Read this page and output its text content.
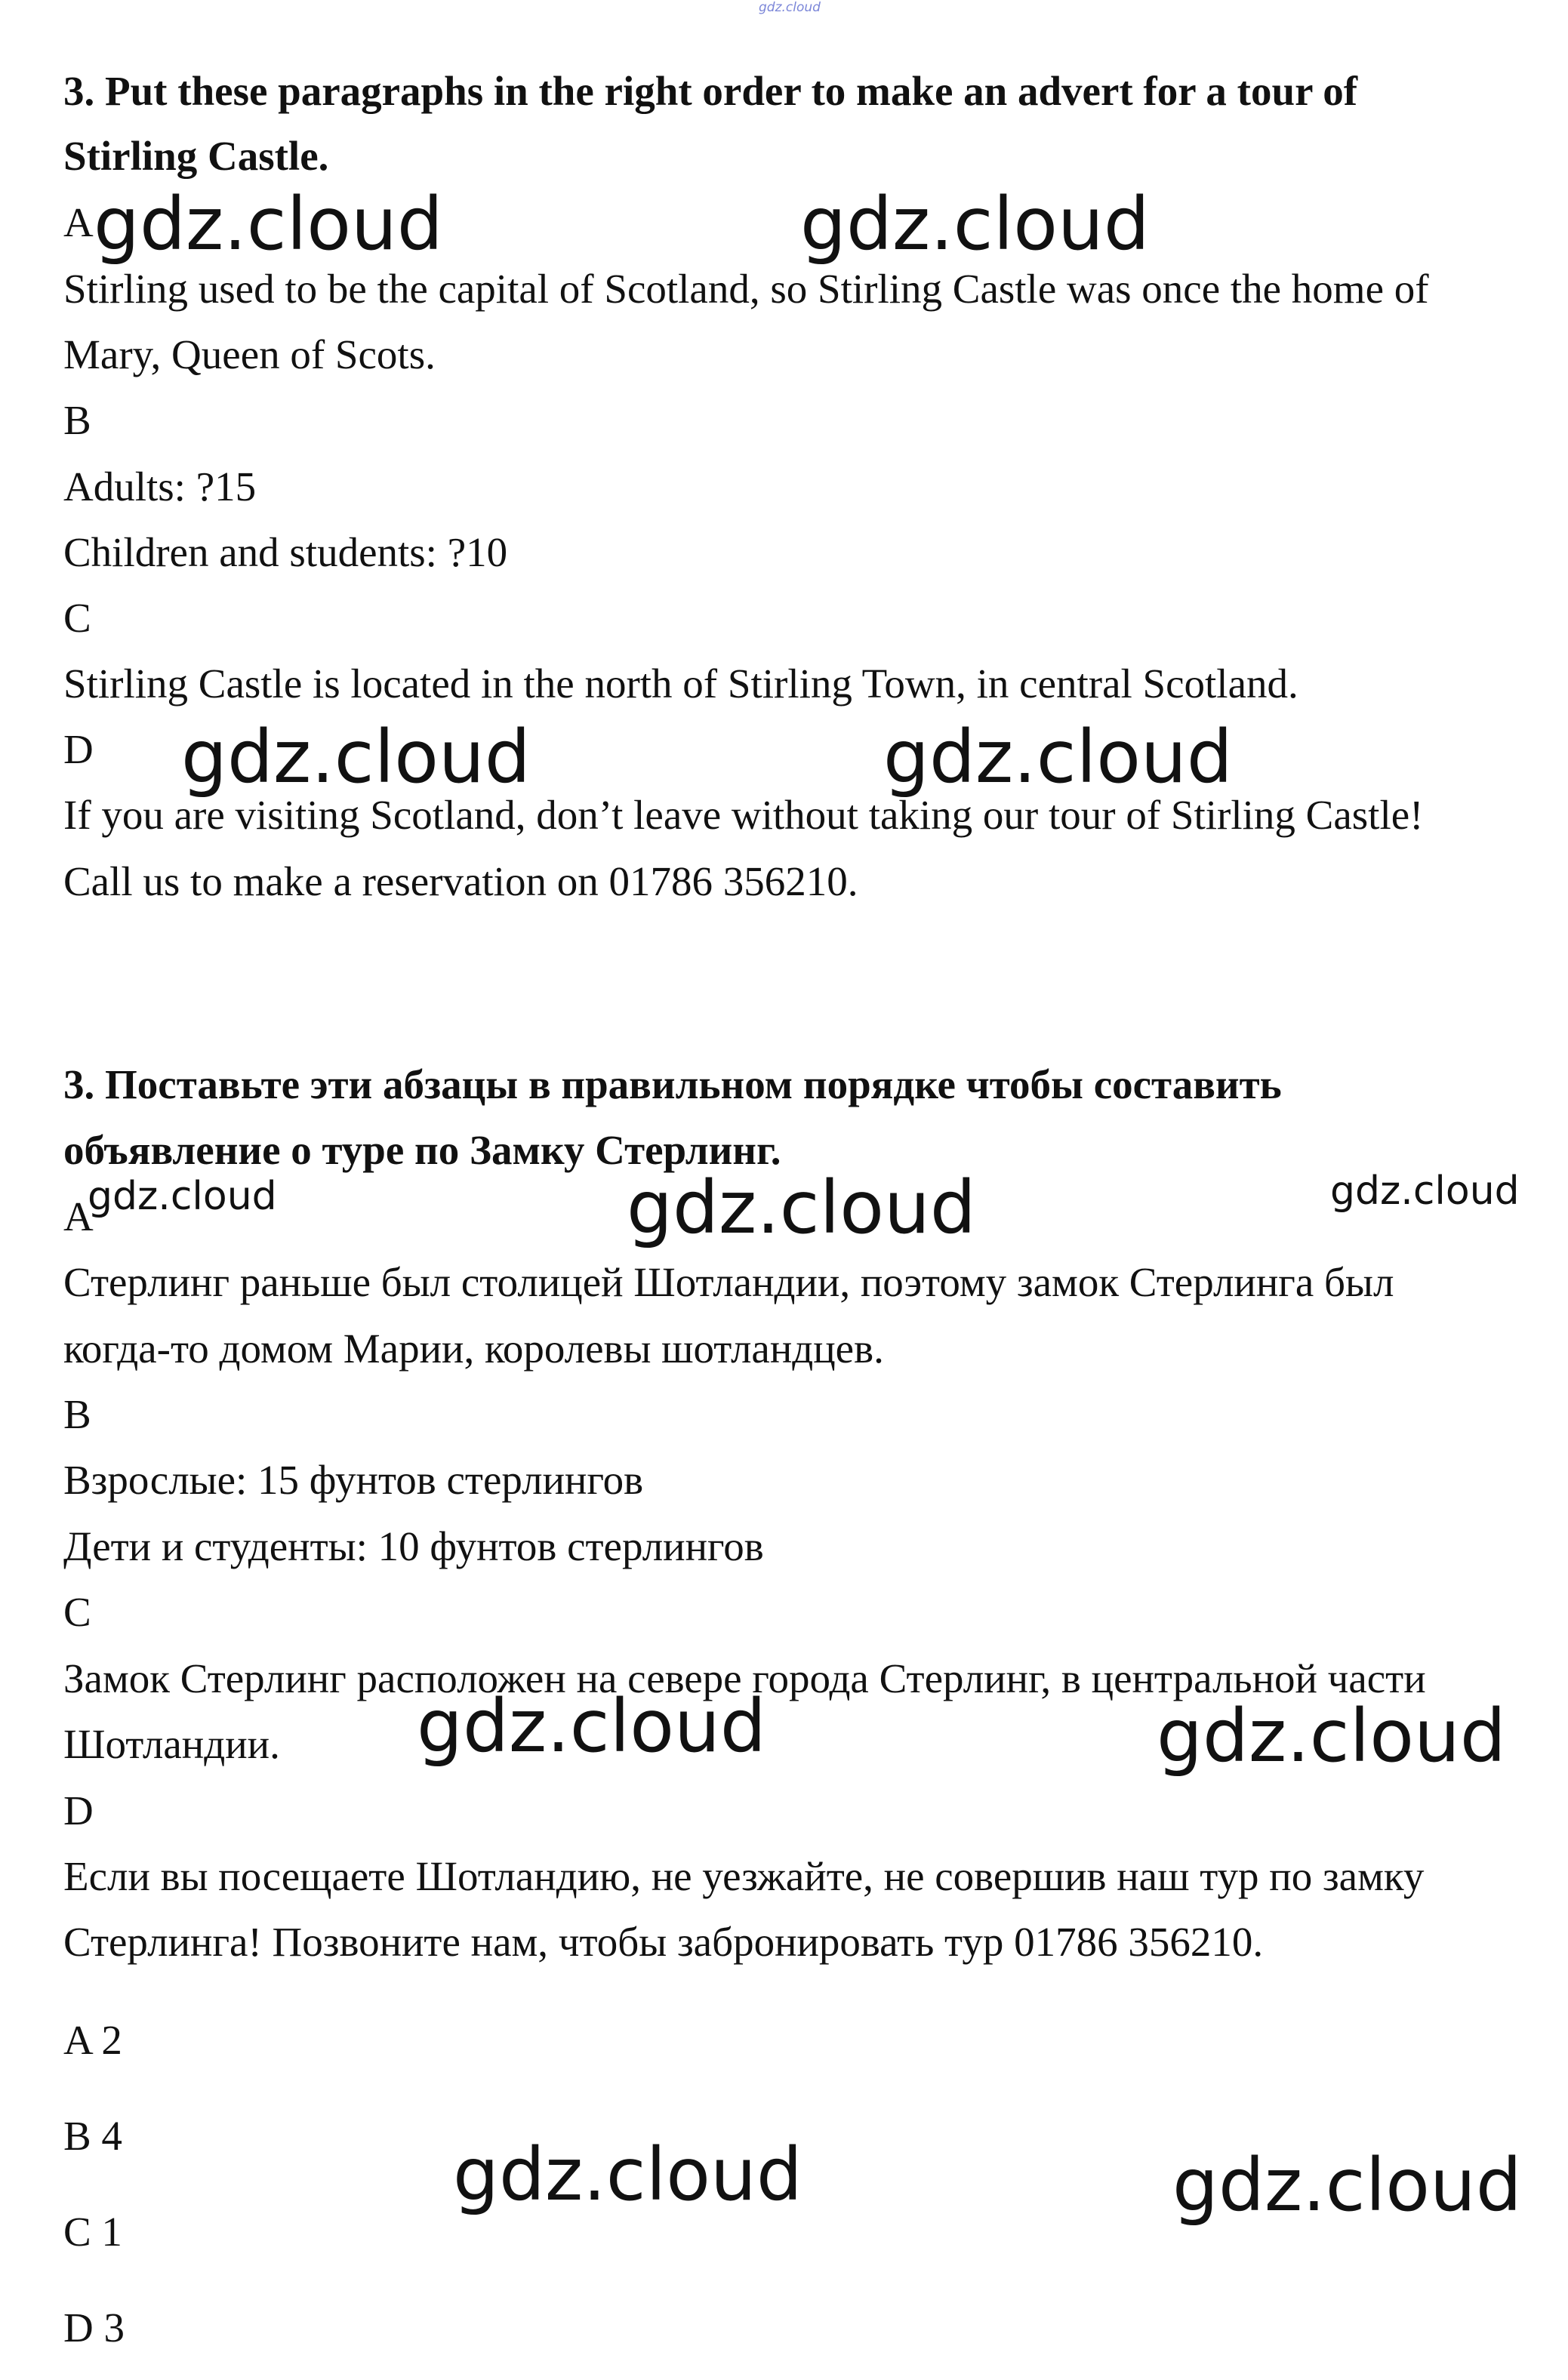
gdz.cloud
3. Put these paragraphs in the right order to make an advert for a tour of
Stirling Castle.
A gdz.cloud	gdz.cloud
Stirling used to be the capital of Scotland, so Stirling Castle was once the home of
Mary, Queen of Scots.
B
Adults: ?15
Children and students: ?10
C
Stirling Castle is located in the north of Stirling Town, in central Scotland.
D gdz.cloud	gdz.cloud
If you are visiting Scotland, don’t leave without taking our tour of Stirling Castle!
Call us to make a reservation on 01786 356210.
3. Поставьте эти абзацы в правильном порядке чтобы составить
объявление о туре по Замку Стерлинг.
A
gdz.cloud	gdz.cloud	gdz.cloud
Стерлинг раньше был столицей Шотландии, поэтому замок Стерлинга был
когда-то домом Марии, королевы шотландцев.
B
Взрослые: 15 фунтов стерлингов
Дети и студенты: 10 фунтов стерлингов
C
Замок Стерлинг расположен на севере города Стерлинг, в центральной части
Шотландии. gdz.cloud	gdz.cloud
D
Если вы посещаете Шотландию, не уезжайте, не совершив наш тур по замку
Стерлинга! Позвоните нам, чтобы забронировать тур 01786 356210.
A 2
B 4	gdz.cloud	gdz.cloud
C 1
D 3
